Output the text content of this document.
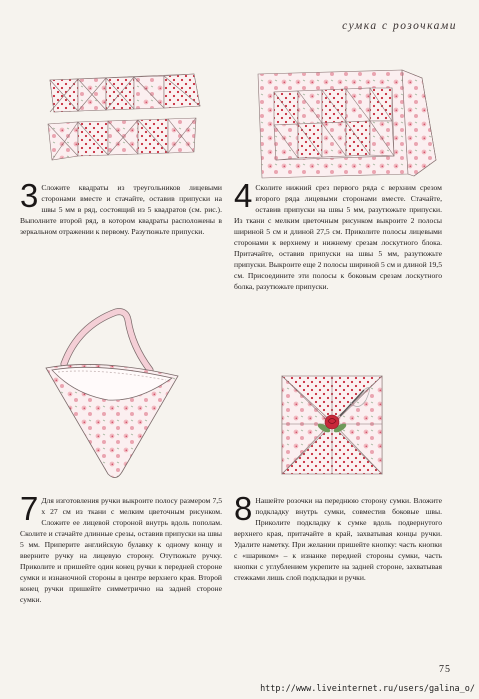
сумка с розочками
3 Сложите квадраты из треугольников лицевыми сторонами вместе и стачайте, оставив припуски на швы 5 мм в ряд, состоящий из 5 квадратов (см. рис.). Выполните второй ряд, в котором квадраты расположены в зеркальном отражении к первому. Разутюжьте припуски.
4 Сколите нижний срез первого ряда с верхним срезом второго ряда лицевыми сторонами вместе. Стачайте, оставив припуски на швы 5 мм, разутюжьте припуски. Из ткани с мелким цветочным рисунком выкроите 2 полосы шириной 5 см и длиной 27,5 см. Приколите полосы лицевыми сторонами к верхнему и нижнему срезам лоскутного блока. Притачайте, оставив припуски на швы 5 мм, разутюжьте припуски. Выкроите еще 2 полосы шириной 5 см и длиной 19,5 см. Присоедините эти полосы к боковым срезам лоскутного болка, разутюжьте припуски.
7 Для изготовления ручки выкроите полосу размером 7,5 x 27 см из ткани с мелким цветочным рисунком. Сложите ее лицевой стороной внутрь вдоль пополам. Сколите и стачайте длинные срезы, оставив припуски на швы 5 мм. Приперите английскую булавку к одному концу и вверните ручку на лицевую сторону. Отутюжьте ручку. Приколите и пришейте один конец ручки к передней стороне сумки и изнаночной стороны в центре верхнего края. Второй конец ручки пришейте симметрично на задней стороне сумки.
8 Нашейте розочки на переднюю сторону сумки. Вложите подкладку внутрь сумки, совместив боковые швы. Приколите подкладку к сумке вдоль подвернутого верхнего края, притачайте в край, захватывая концы ручки. Удалите наметку. При желании пришейте кнопку: часть кнопки с «шариком» – к изнанке передней стороны сумки, часть кнопки с углублением укрепите на задней стороне, захватывая стежками лишь слой подкладки и ручки.
75
http://www.liveinternet.ru/users/galina_o/
